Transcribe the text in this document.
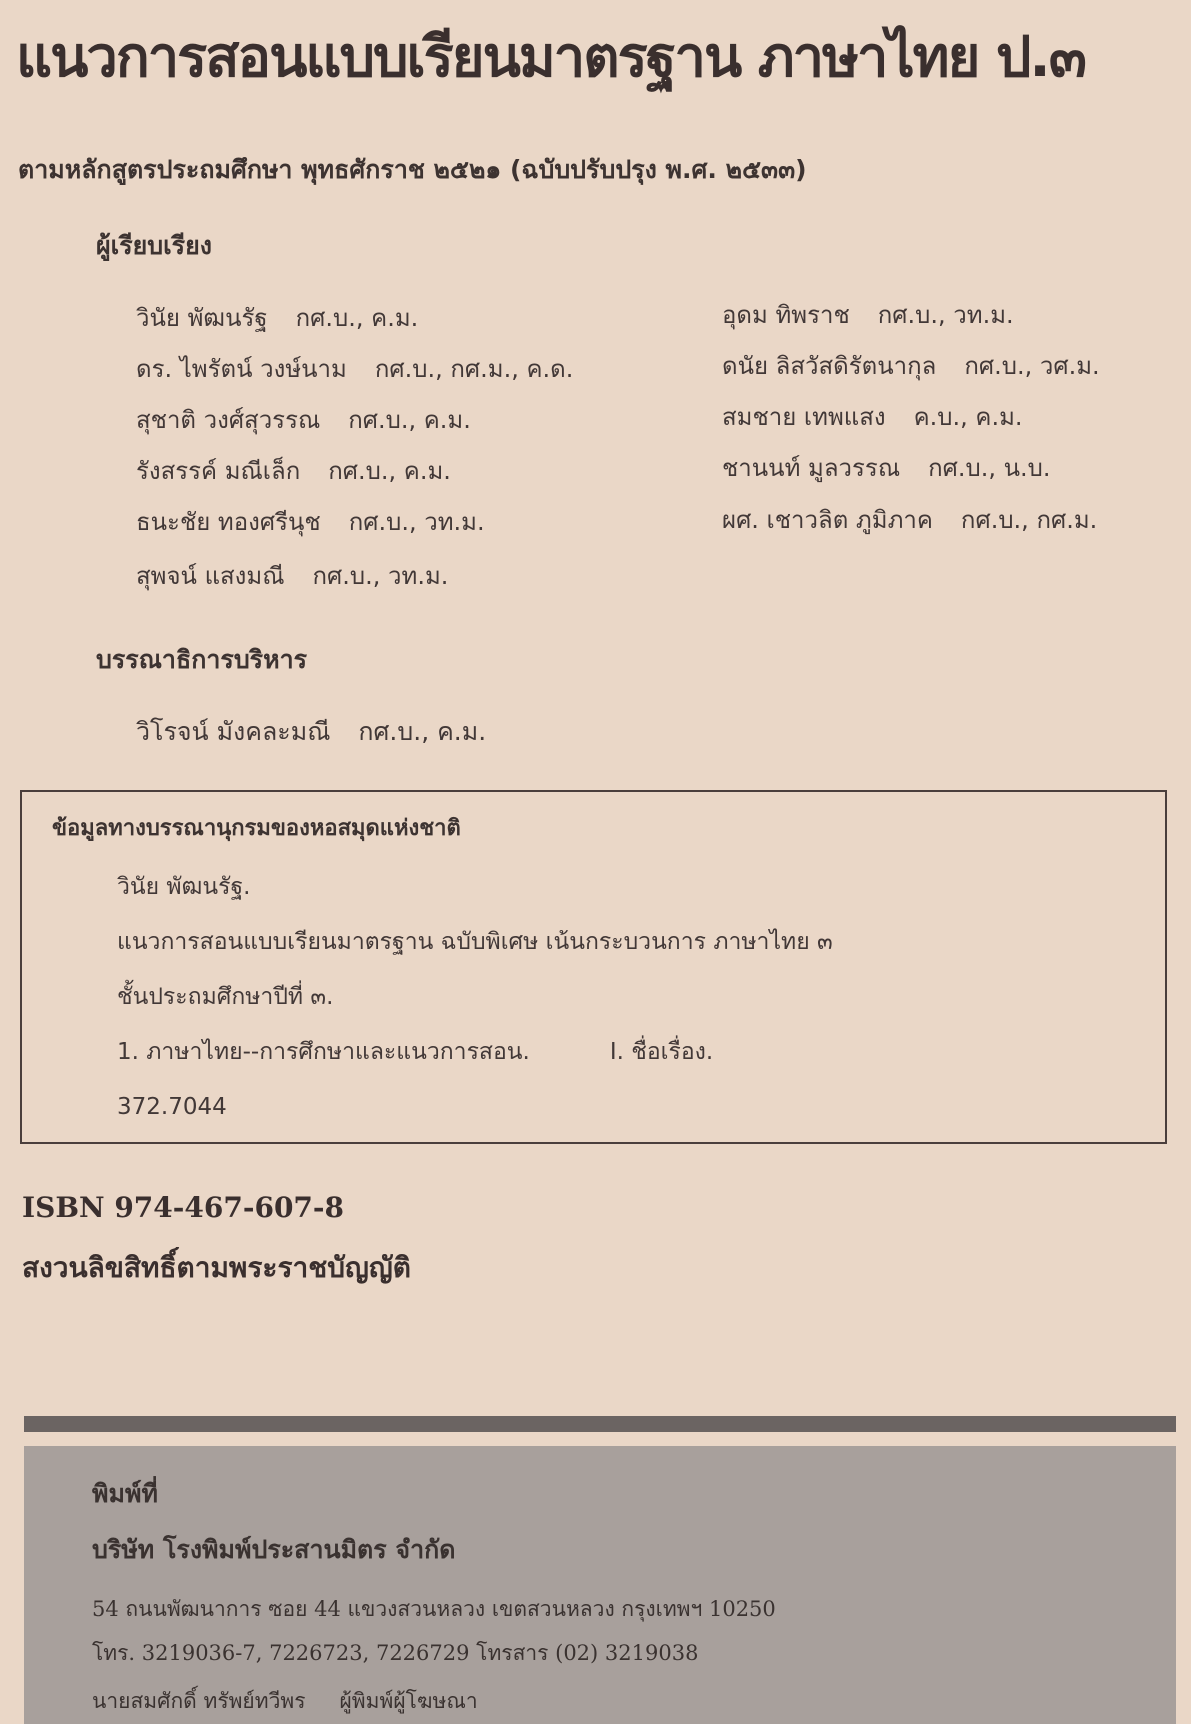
แนวการสอนแบบเรียนมาตรฐาน ภาษาไทย ป.๓
ตามหลักสูตรประถมศึกษา พุทธศักราช ๒๕๒๑ (ฉบับปรับปรุง พ.ศ. ๒๕๓๓)
ผู้เรียบเรียง
วินัย พัฒนรัฐ กศ.บ., ค.ม.
ดร. ไพรัตน์ วงษ์นาม กศ.บ., กศ.ม., ค.ด.
สุชาติ วงศ์สุวรรณ กศ.บ., ค.ม.
รังสรรค์ มณีเล็ก กศ.บ., ค.ม.
ธนะชัย ทองศรีนุช กศ.บ., วท.ม.
สุพจน์ แสงมณี กศ.บ., วท.ม.
อุดม ทิพราช กศ.บ., วท.ม.
ดนัย ลิสวัสดิรัตนากุล กศ.บ., วศ.ม.
สมชาย เทพแสง ค.บ., ค.ม.
ชานนท์ มูลวรรณ กศ.บ., น.บ.
ผศ. เชาวลิต ภูมิภาค กศ.บ., กศ.ม.
บรรณาธิการบริหาร
วิโรจน์ มังคละมณี กศ.บ., ค.ม.
ข้อมูลทางบรรณานุกรมของหอสมุดแห่งชาติ
วินัย พัฒนรัฐ.
แนวการสอนแบบเรียนมาตรฐาน ฉบับพิเศษ เน้นกระบวนการ ภาษาไทย ๓
ชั้นประถมศึกษาปีที่ ๓.
1. ภาษาไทย--การศึกษาและแนวการสอน.	I. ชื่อเรื่อง.
372.7044
ISBN 974-467-607-8
สงวนลิขสิทธิ์ตามพระราชบัญญัติ
พิมพ์ที่
บริษัท โรงพิมพ์ประสานมิตร จำกัด
54 ถนนพัฒนาการ ซอย 44 แขวงสวนหลวง เขตสวนหลวง กรุงเทพฯ 10250
โทร. 3219036-7, 7226723, 7226729 โทรสาร (02) 3219038
นายสมศักดิ์ ทรัพย์ทวีพร ผู้พิมพ์ผู้โฆษณา
